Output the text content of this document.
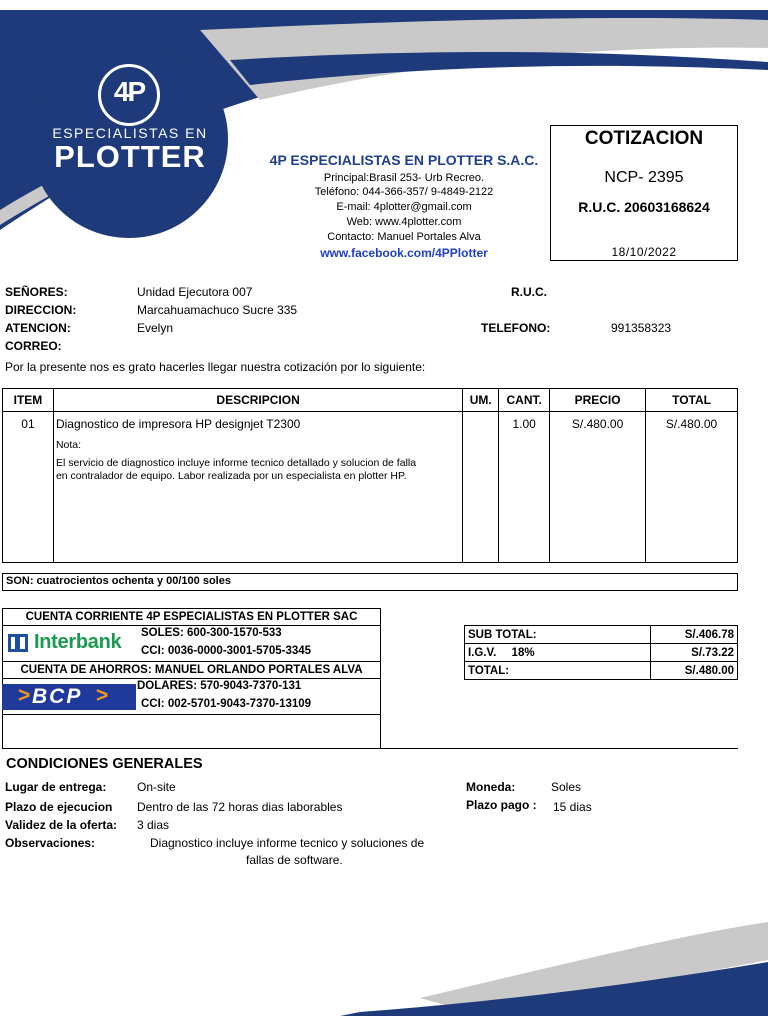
4P
ESPECIALISTAS EN
PLOTTER	4P ESPECIALISTAS EN PLOTTER S.A.C.
Principal:Brasil 253- Urb Recreo.
Teléfono: 044-366-357/ 9-4849-2122
E-mail: 4plotter@gmail.com
Web: www.4plotter.com
Contacto: Manuel Portales Alva
www.facebook.com/4PPlotter
COTIZACION
NCP- 2395
R.U.C. 20603168624
18/10/2022
SEÑORES:	Unidad Ejecutora 007	R.U.C.
DIRECCION:	Marcahuamachuco Sucre 335
ATENCION:	Evelyn	TELEFONO:	991358323
CORREO:
Por la presente nos es grato hacerles llegar nuestra cotización por lo siguiente:
ITEM	DESCRIPCION	UM.	CANT.	PRECIO	TOTAL
01	Diagnostico de impresora HP designjet T2300
Nota:
El servicio de diagnostico incluye informe tecnico detallado y solucion de falla
en contralador de equipo. Labor realizada por un especialista en plotter HP.		1.00	S/.480.00	S/.480.00
SON: cuatrocientos ochenta y 00/100 soles
CUENTA CORRIENTE 4P ESPECIALISTAS EN PLOTTER SAC
Interbank SOLES: 600-300-1570-533
CCI: 0036-0000-3001-5705-3345
CUENTA DE AHORROS: MANUEL ORLANDO PORTALES ALVA
> BCP > DOLARES: 570-9043-7370-131
CCI: 002-5701-9043-7370-13109
SUB TOTAL:	S/.406.78
I.G.V. 18%	S/.73.22
TOTAL:	S/.480.00
CONDICIONES GENERALES
Lugar de entrega:	On-site	Moneda:	Soles
Plazo de ejecucion Dentro de las 72 horas dias laborables	Plazo pago : 15 dias
Validez de la oferta: 3 dias
Observaciones:	Diagnostico incluye informe tecnico y soluciones de
fallas de software.
